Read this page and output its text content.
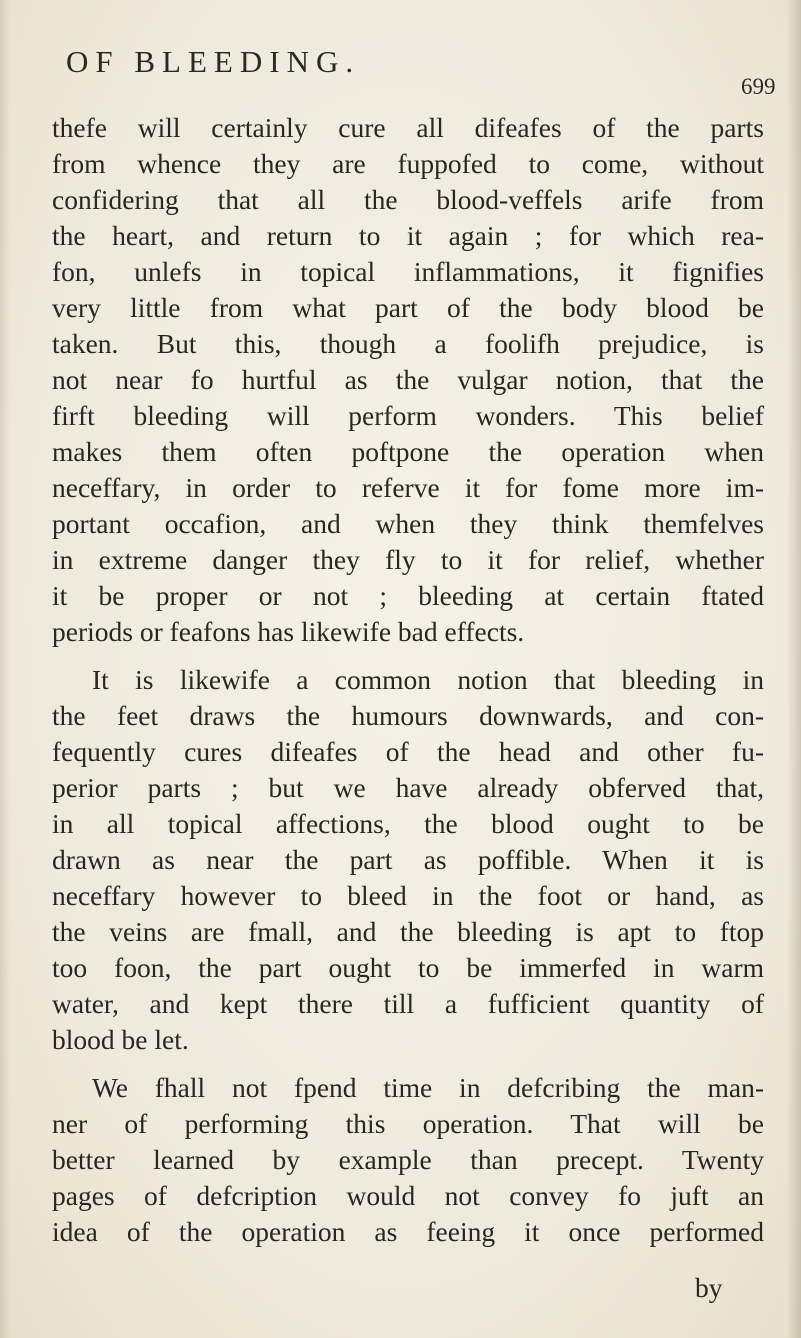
OF BLEEDING.
699
thefe will certainly cure all difeafes of the parts
from whence they are fuppofed to come, without
confidering that all the blood-veffels arife from
the heart, and return to it again ; for which rea-
fon, unlefs in topical inflammations, it fignifies
very little from what part of the body blood be
taken. But this, though a foolifh prejudice, is
not near fo hurtful as the vulgar notion, that the
firft bleeding will perform wonders. This belief
makes them often poftpone the operation when
neceffary, in order to referve it for fome more im-
portant occafion, and when they think themfelves
in extreme danger they fly to it for relief, whether
it be proper or not ; bleeding at certain ftated
periods or feafons has likewife bad effects.
It is likewife a common notion that bleeding in
the feet draws the humours downwards, and con-
fequently cures difeafes of the head and other fu-
perior parts ; but we have already obferved that,
in all topical affections, the blood ought to be
drawn as near the part as poffible. When it is
neceffary however to bleed in the foot or hand, as
the veins are fmall, and the bleeding is apt to ftop
too foon, the part ought to be immerfed in warm
water, and kept there till a fufficient quantity of
blood be let.
We fhall not fpend time in defcribing the man-
ner of performing this operation. That will be
better learned by example than precept. Twenty
pages of defcription would not convey fo juft an
idea of the operation as feeing it once performed
by
